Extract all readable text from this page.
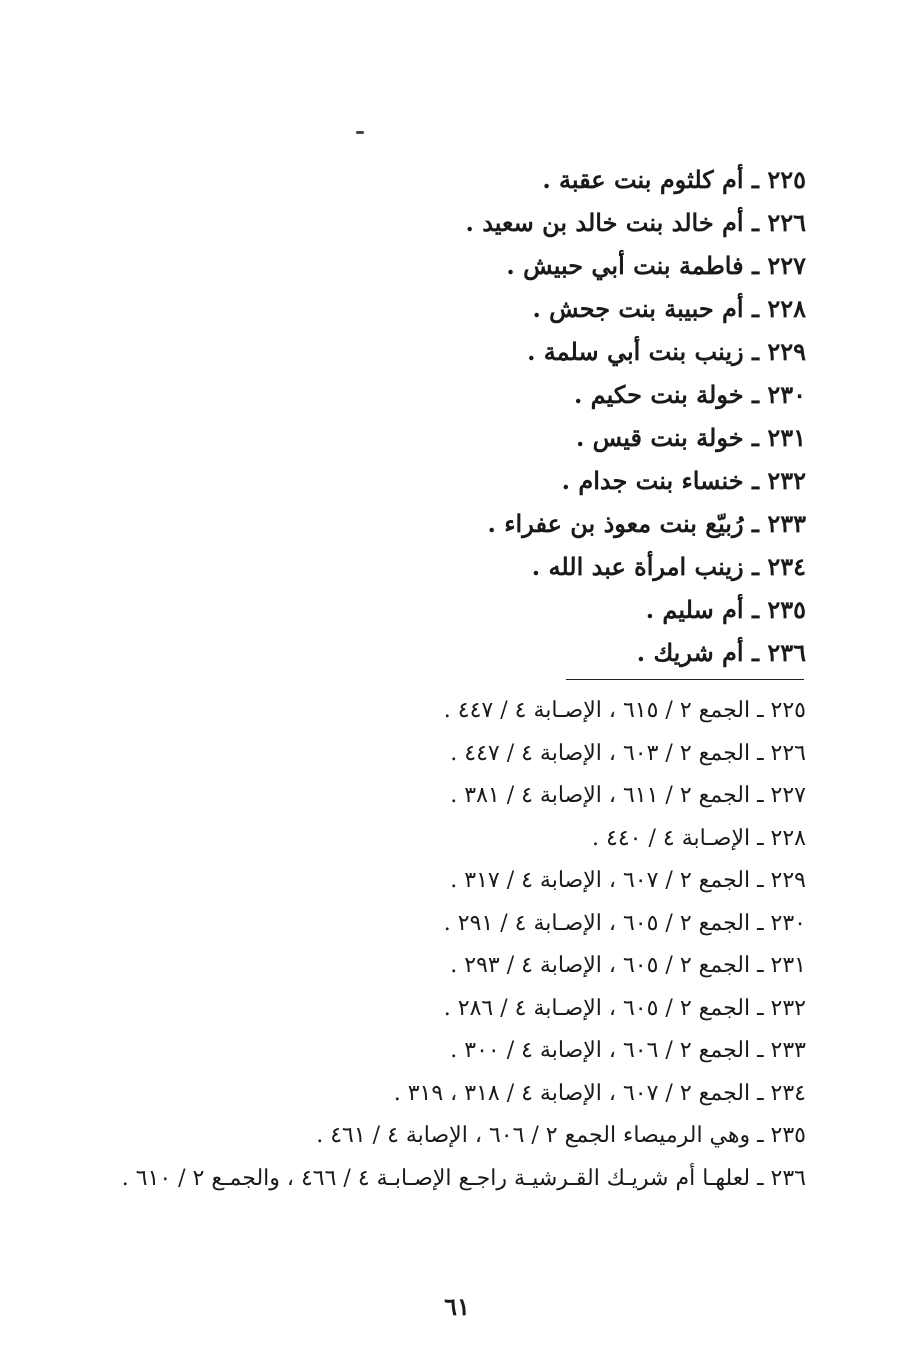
٢٢٥ ـ أم كلثوم بنت عقبة .
٢٢٦ ـ أم خالد بنت خالد بن سعيد .
٢٢٧ ـ فاطمة بنت أبي حبيش .
٢٢٨ ـ أم حبيبة بنت جحش .
٢٢٩ ـ زينب بنت أبي سلمة .
٢٣٠ ـ خولة بنت حكيم .
٢٣١ ـ خولة بنت قيس .
٢٣٢ ـ خنساء بنت جدام .
٢٣٣ ـ رُبيّع بنت معوذ بن عفراء .
٢٣٤ ـ زينب امرأة عبد الله .
٢٣٥ ـ أم سليم .
٢٣٦ ـ أم شريك .
٢٢٥ ـ الجمع ٢ / ٦١٥ ، الإصـابة ٤ / ٤٤٧ .
٢٢٦ ـ الجمع ٢ / ٦٠٣ ، الإصابة ٤ / ٤٤٧ .
٢٢٧ ـ الجمع ٢ / ٦١١ ، الإصابة ٤ / ٣٨١ .
٢٢٨ ـ الإصـابة ٤ / ٤٤٠ .
٢٢٩ ـ الجمع ٢ / ٦٠٧ ، الإصابة ٤ / ٣١٧ .
٢٣٠ ـ الجمع ٢ / ٦٠٥ ، الإصـابة ٤ / ٢٩١ .
٢٣١ ـ الجمع ٢ / ٦٠٥ ، الإصابة ٤ / ٢٩٣ .
٢٣٢ ـ الجمع ٢ / ٦٠٥ ، الإصـابة ٤ / ٢٨٦ .
٢٣٣ ـ الجمع ٢ / ٦٠٦ ، الإصابة ٤ / ٣٠٠ .
٢٣٤ ـ الجمع ٢ / ٦٠٧ ، الإصابة ٤ / ٣١٨ ، ٣١٩ .
٢٣٥ ـ وهي الرميصاء الجمع ٢ / ٦٠٦ ، الإصابة ٤ / ٤٦١ .
٢٣٦ ـ لعلهـا أم شريـك القـرشيـة راجـع الإصـابـة ٤ / ٤٦٦ ، والجمـع ٢ / ٦١٠ .
٦١
